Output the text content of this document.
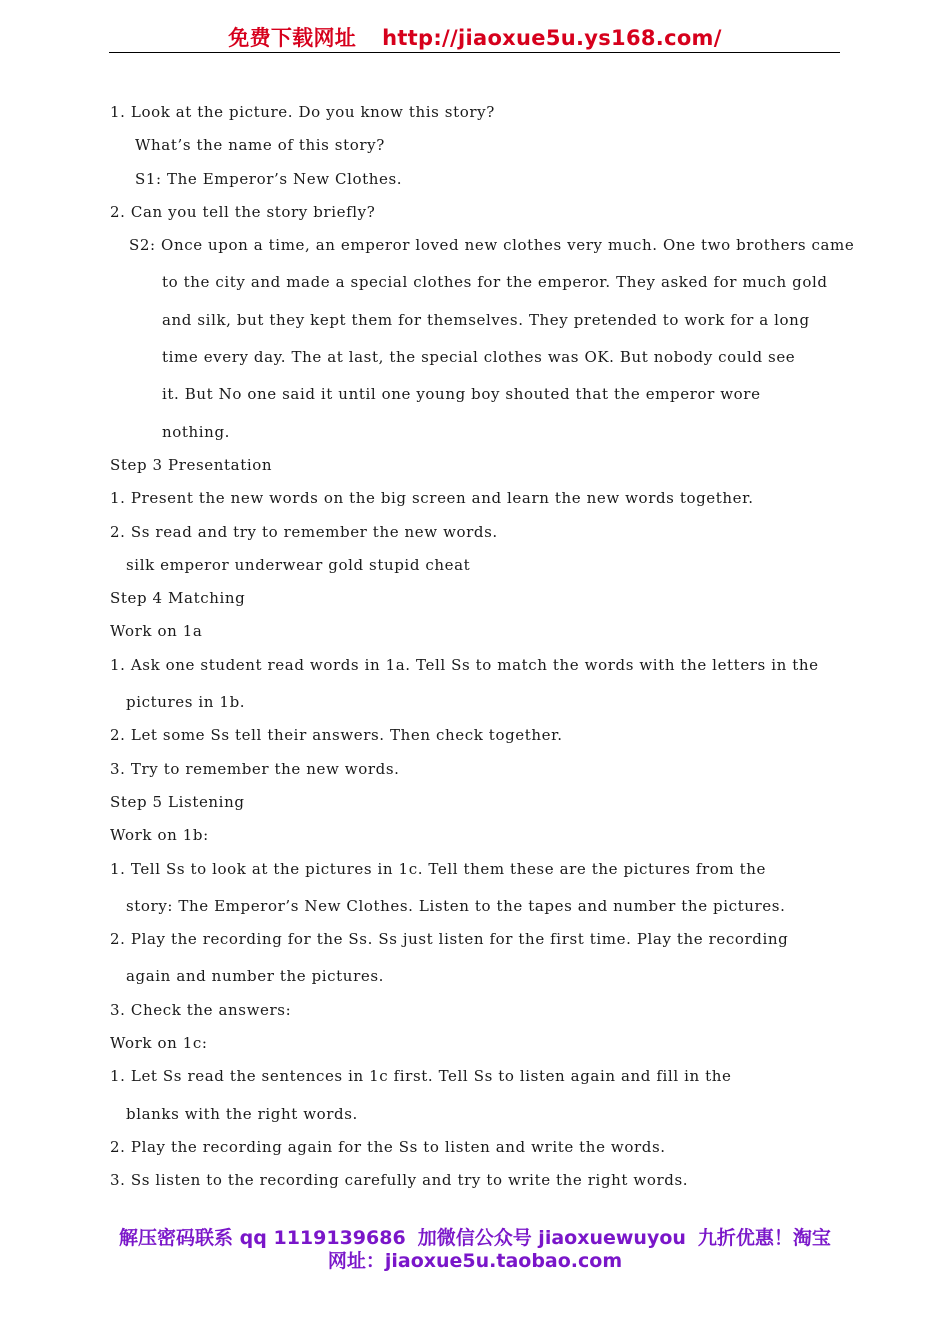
免费下载网址 http://jiaoxue5u.ys168.com/
1. Look at the picture. Do you know this story?
What’s the name of this story?
S1: The Emperor’s New Clothes.
2. Can you tell the story briefly?
S2: Once upon a time, an emperor loved new clothes very much. One two brothers came
to the city and made a special clothes for the emperor. They asked for much gold
and silk, but they kept them for themselves. They pretended to work for a long
time every day. The at last, the special clothes was OK. But nobody could see
it. But No one said it until one young boy shouted that the emperor wore
nothing.
Step 3 Presentation
1. Present the new words on the big screen and learn the new words together.
2. Ss read and try to remember the new words.
silk emperor underwear gold stupid cheat
Step 4 Matching
Work on 1a
1. Ask one student read words in 1a. Tell Ss to match the words with the letters in the
pictures in 1b.
2. Let some Ss tell their answers. Then check together.
3. Try to remember the new words.
Step 5 Listening
Work on 1b:
1. Tell Ss to look at the pictures in 1c. Tell them these are the pictures from the
story: The Emperor’s New Clothes. Listen to the tapes and number the pictures.
2. Play the recording for the Ss. Ss just listen for the first time. Play the recording
again and number the pictures.
3. Check the answers:
Work on 1c:
1. Let Ss read the sentences in 1c first. Tell Ss to listen again and fill in the
blanks with the right words.
2. Play the recording again for the Ss to listen and write the words.
3. Ss listen to the recording carefully and try to write the right words.
解压密码联系 qq 1119139686 加微信公众号 jiaoxuewuyou 九折优惠！淘宝
网址：jiaoxue5u.taobao.com
